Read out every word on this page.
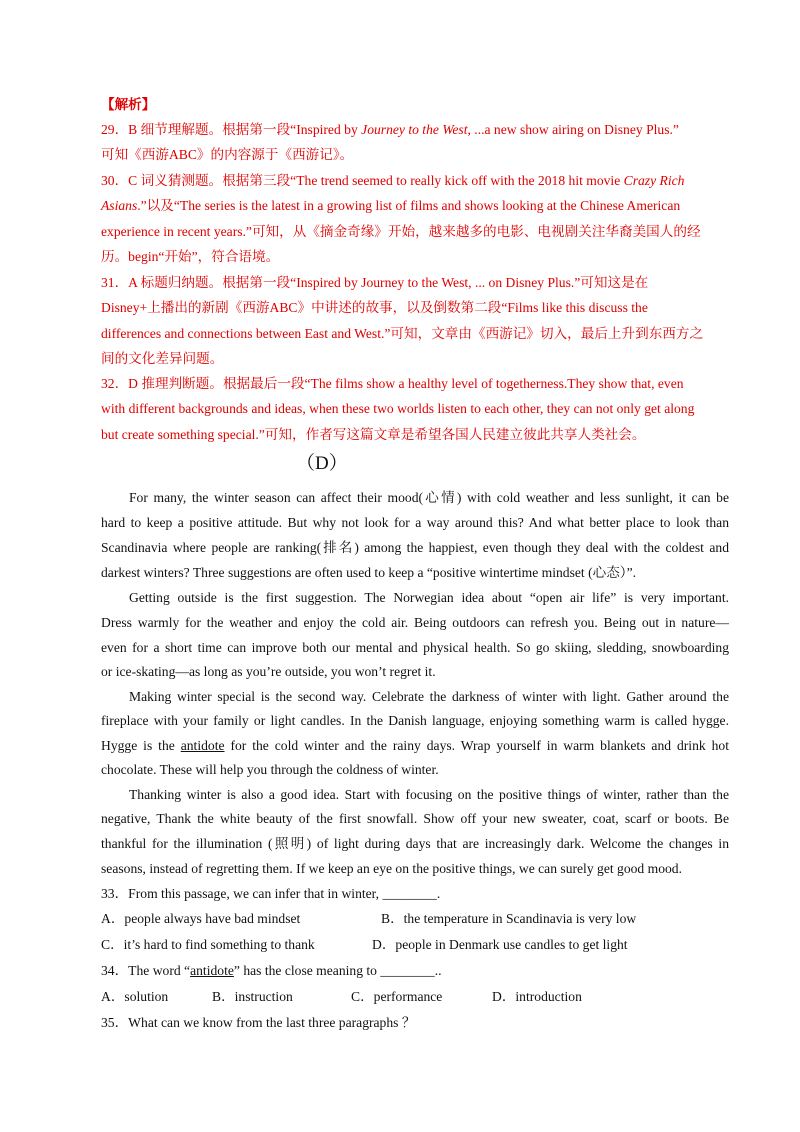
【解析】
29．B 细节理解题。根据第一段“Inspired by Journey to the West, ...a new show airing on Disney Plus.”
可知《西游ABC》的内容源于《西游记》。
30．C 词义猜测题。根据第三段“The trend seemed to really kick off with the 2018 hit movie Crazy Rich
Asians.”以及“The series is the latest in a growing list of films and shows looking at the Chinese American
experience in recent years.”可知，从《摘金奇缘》开始，越来越多的电影、电视剧关注华裔美国人的经
历。begin“开始”，符合语境。
31．A 标题归纳题。根据第一段“Inspired by Journey to the West, ... on Disney Plus.”可知这是在
Disney+上播出的新剧《西游ABC》中讲述的故事，以及倒数第二段“Films like this discuss the
differences and connections between East and West.”可知，文章由《西游记》切入，最后上升到东西方之
间的文化差异问题。
32．D 推理判断题。根据最后一段“The films show a healthy level of togetherness.They show that, even
with different backgrounds and ideas, when these two worlds listen to each other, they can not only get along
but create something special.”可知，作者写这篇文章是希望各国人民建立彼此共享人类社会。
（D）
For many, the winter season can affect their mood(心情) with cold weather and less sunlight, it can be
hard to keep a positive attitude. But why not look for a way around this? And what better place to look than
Scandinavia where people are ranking(排名) among the happiest, even though they deal with the coldest and
darkest winters? Three suggestions are often used to keep a “positive wintertime mindset (心态）”.
Getting outside is the first suggestion. The Norwegian idea about “open air life” is very important.
Dress warmly for the weather and enjoy the cold air. Being outdoors can refresh you. Being out in nature—
even for a short time can improve both our mental and physical health. So go skiing, sledding, snowboarding
or ice-skating—as long as you’re outside, you won’t regret it.
Making winter special is the second way. Celebrate the darkness of winter with light. Gather around the
fireplace with your family or light candles. In the Danish language, enjoying something warm is called hygge.
Hygge is the antidote for the cold winter and the rainy days. Wrap yourself in warm blankets and drink hot
chocolate. These will help you through the coldness of winter.
Thanking winter is also a good idea. Start with focusing on the positive things of winter, rather than the
negative, Thank the white beauty of the first snowfall. Show off your new sweater, coat, scarf or boots. Be
thankful for the illumination (照明) of light during days that are increasingly dark. Welcome the changes in
seasons, instead of regretting them. If we keep an eye on the positive things, we can surely get good mood.
33．From this passage, we can infer that in winter, ________.
A．people always have bad mindset	B．the temperature in Scandinavia is very low
C．it’s hard to find something to thank	D．people in Denmark use candles to get light
34．The word “antidote” has the close meaning to ________..
A．solution	B．instruction	C．performance	D．introduction
35．What can we know from the last three paragraphs ？
